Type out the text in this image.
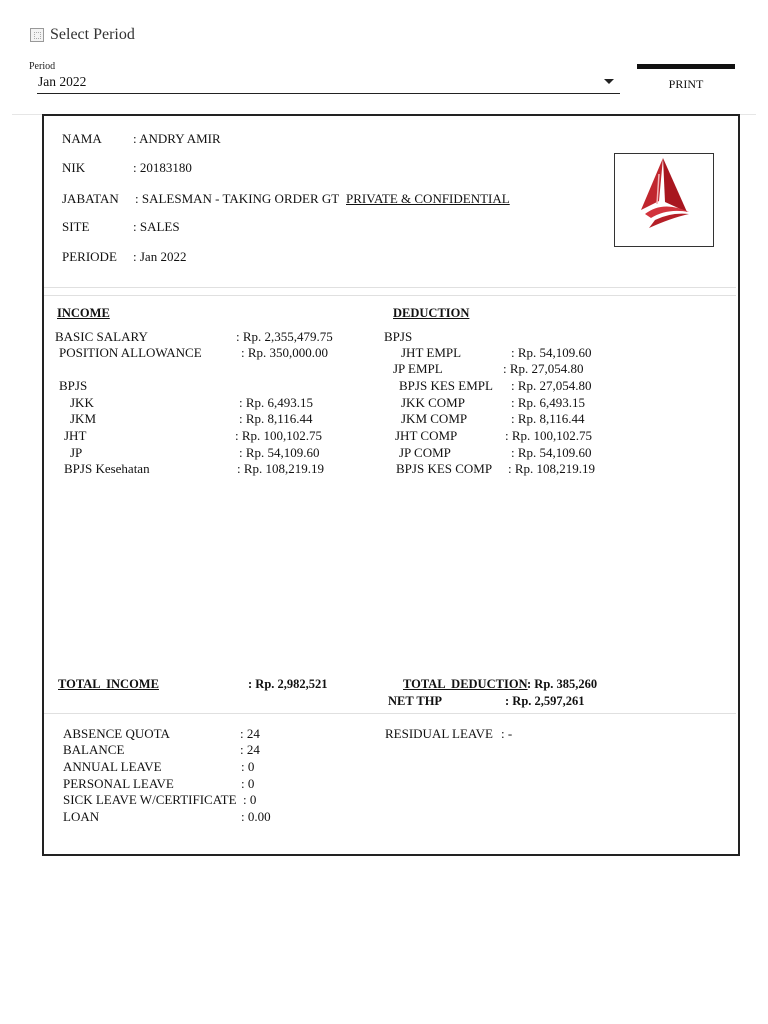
Select Period
Period
Jan 2022	PRINT
NAMA : ANDRY AMIR
NIK	: 20183180
JABATAN : SALESMAN - TAKING ORDER GT PRIVATE & CONFIDENTIAL
SITE	: SALES
PERIODE : Jan 2022
INCOME
BASIC SALARY	: Rp. 2,355,479.75
POSITION ALLOWANCE	: Rp. 350,000.00
BPJS
JKK	: Rp. 6,493.15
JKM	: Rp. 8,116.44
JHT	: Rp. 100,102.75
JP	: Rp. 54,109.60
BPJS Kesehatan	: Rp. 108,219.19
DEDUCTION
BPJS
JHT EMPL	: Rp. 54,109.60
JP EMPL	: Rp. 27,054.80
BPJS KES EMPL : Rp. 27,054.80
JKK COMP	: Rp. 6,493.15
JKM COMP	: Rp. 8,116.44
JHT COMP	: Rp. 100,102.75
JP COMP	: Rp. 54,109.60
BPJS KES COMP : Rp. 108,219.19
TOTAL  INCOME	: Rp. 2,982,521	TOTAL  DEDUCTION : Rp. 385,260
NET THP	: Rp. 2,597,261
ABSENCE QUOTA	: 24
BALANCE	: 24
ANNUAL LEAVE	: 0
PERSONAL LEAVE	: 0
SICK LEAVE W/CERTIFICATE : 0
LOAN	: 0.00
RESIDUAL LEAVE : -
